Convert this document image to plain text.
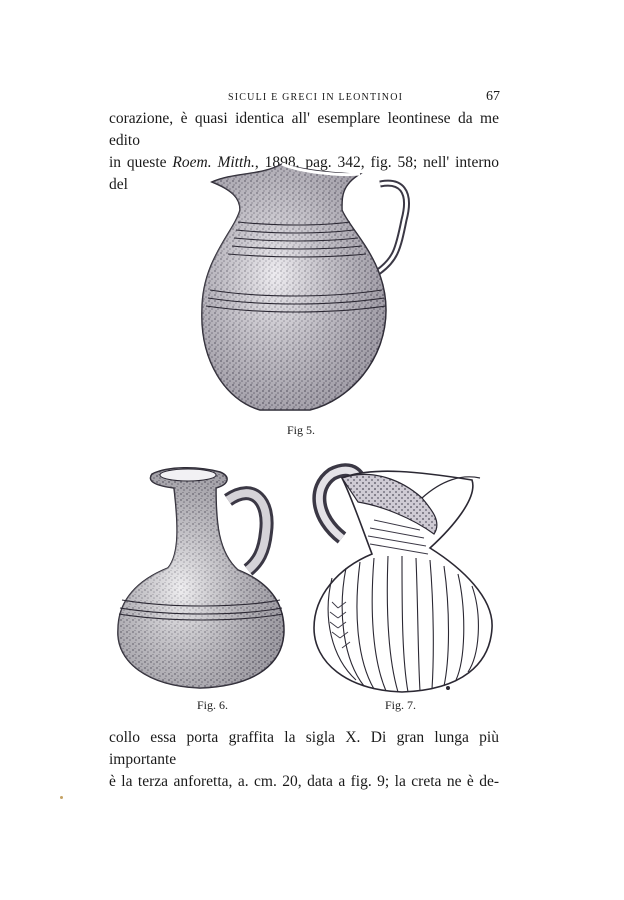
SICULI E GRECI IN LEONTINOI	67

corazione, è quasi identica all' esemplare leontinese da me edito

in queste Roem. Mitth., 1898, pag. 342, fig. 58; nell' interno del

Fig 5.
Fig. 6.	Fig. 7.

collo essa porta graffita la sigla X. Di gran lunga più importante

è la terza anforetta, a. cm. 20, data a fig. 9; la creta ne è de-
